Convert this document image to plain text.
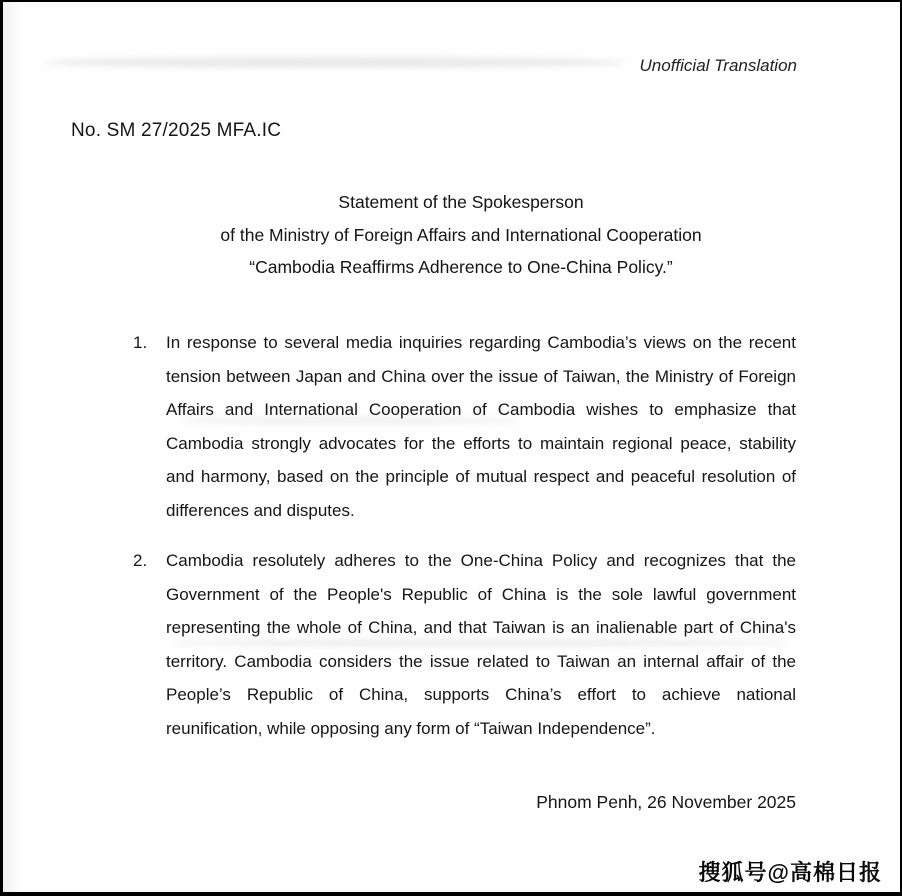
Unofficial Translation
No. SM 27/2025 MFA.IC
Statement of the Spokesperson
of the Ministry of Foreign Affairs and International Cooperation
“Cambodia Reaffirms Adherence to One-China Policy.”
1. In response to several media inquiries regarding Cambodia’s views on the recent tension between Japan and China over the issue of Taiwan, the Ministry of Foreign Affairs and International Cooperation of Cambodia wishes to emphasize that Cambodia strongly advocates for the efforts to maintain regional peace, stability and harmony, based on the principle of mutual respect and peaceful resolution of differences and disputes.
2. Cambodia resolutely adheres to the One-China Policy and recognizes that the Government of the People's Republic of China is the sole lawful government representing the whole of China, and that Taiwan is an inalienable part of China's territory. Cambodia considers the issue related to Taiwan an internal affair of the People’s Republic of China, supports China’s effort to achieve national reunification, while opposing any form of “Taiwan Independence”.
Phnom Penh, 26 November 2025
搜狐号@高棉日报
